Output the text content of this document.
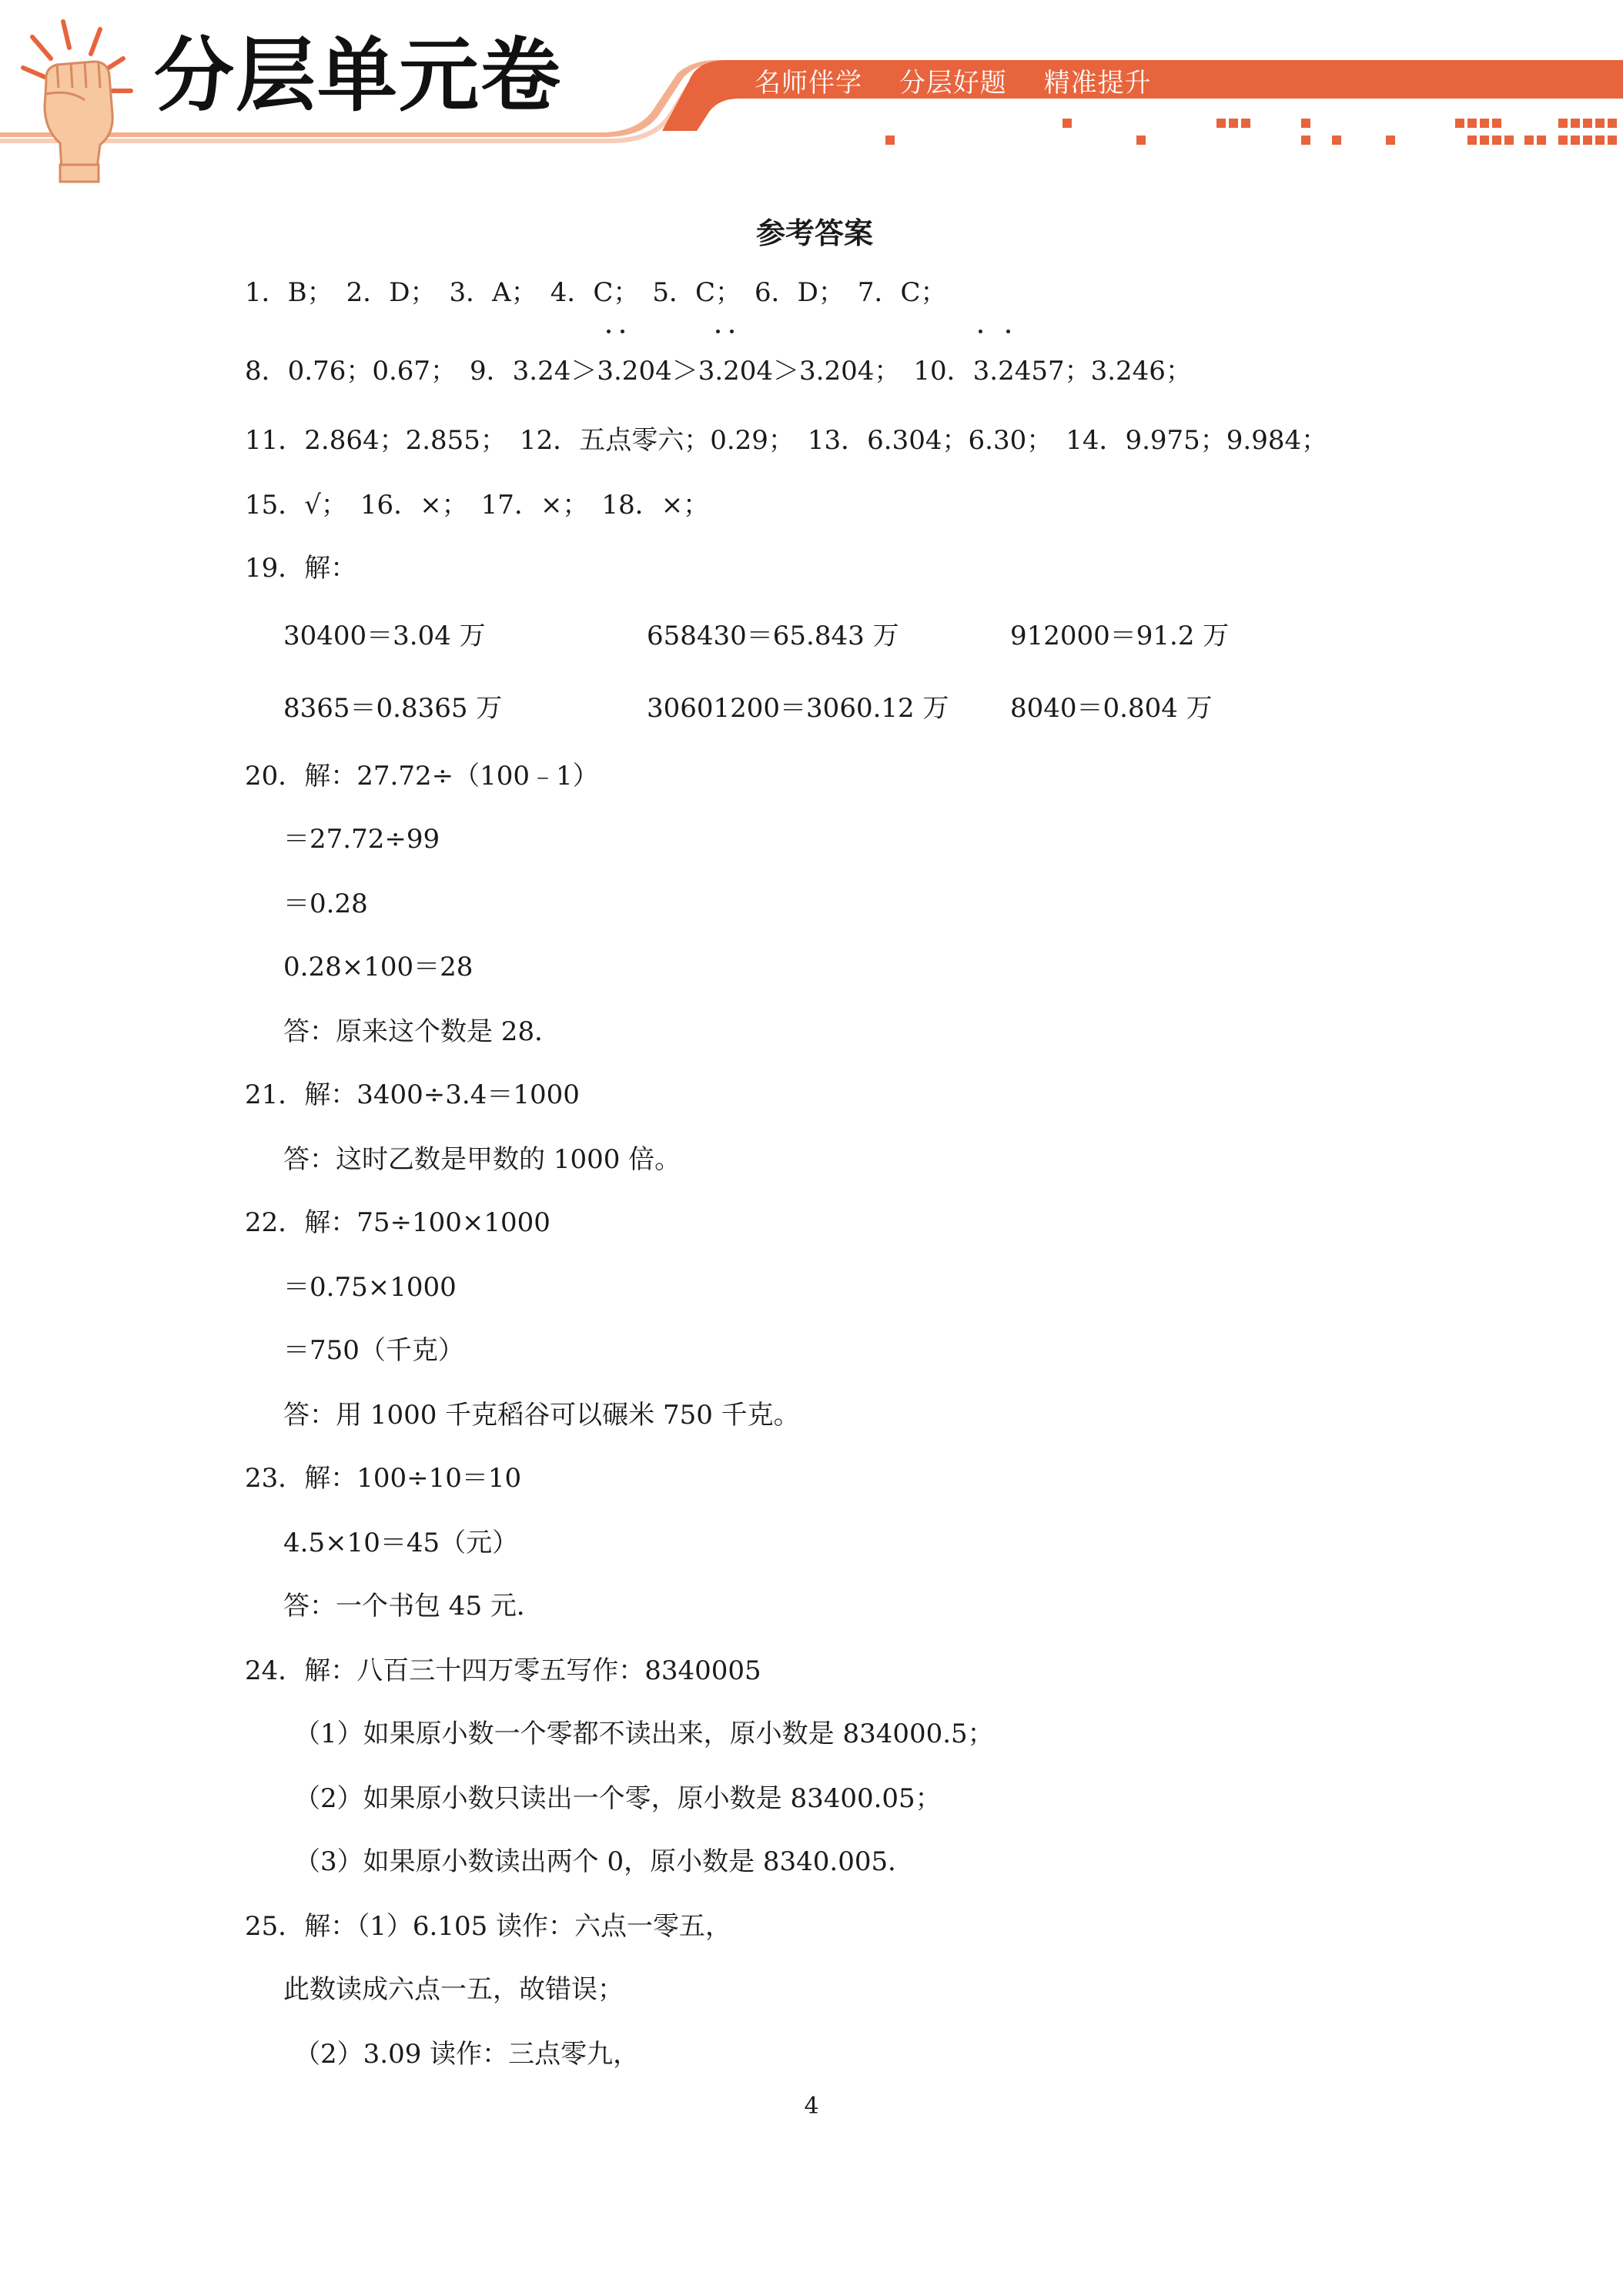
分层单元卷	名师伴学 分层好题 精准提升
参考答案
1．B；　2．D；　3．A；　4．C；　5．C；　6．D；　7．C；
8．0.76；0.67；　9．3.24＞3.204＞3.204＞3.204；　10．3.2457；3.246；
11．2.864；2.855；　12．五点零六；0.29；　13．6.304；6.30；　14．9.975；9.984；
15．√；　16．×；　17．×；　18．×；
19．解：
30400＝3.04 万	658430＝65.843 万	912000＝91.2 万
8365＝0.8365 万	30601200＝3060.12 万 8040＝0.804 万
20．解：27.72÷（100﹣1）
＝27.72÷99
＝0.28
0.28×100＝28
答：原来这个数是 28．
21．解：3400÷3.4＝1000
答：这时乙数是甲数的 1000 倍。
22．解：75÷100×1000
＝0.75×1000
＝750（千克）
答：用 1000 千克稻谷可以碾米 750 千克。
23．解：100÷10＝10
4.5×10＝45（元）
答：一个书包 45 元．
24．解：八百三十四万零五写作：8340005
（1）如果原小数一个零都不读出来，原小数是 834000.5；
（2）如果原小数只读出一个零，原小数是 83400.05；
（3）如果原小数读出两个 0，原小数是 8340.005．
25．解：（1）6.105 读作：六点一零五，
此数读成六点一五，故错误；
（2）3.09 读作：三点零九，
4
